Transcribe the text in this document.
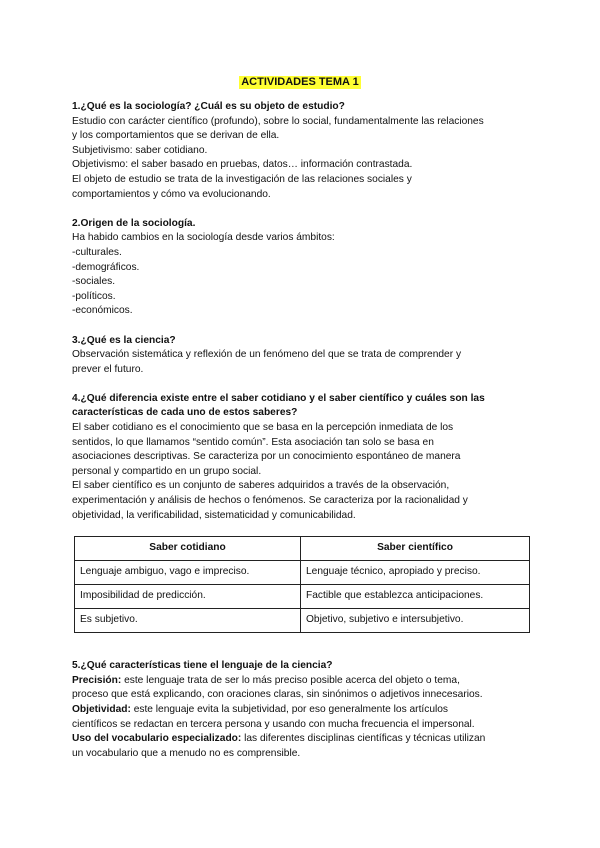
ACTIVIDADES TEMA 1

1.¿Qué es la sociología? ¿Cuál es su objeto de estudio?

Estudio con carácter científico (profundo), sobre lo social, fundamentalmente las relaciones

y los comportamientos que se derivan de ella.

Subjetivismo: saber cotidiano.

Objetivismo: el saber basado en pruebas, datos… información contrastada.

El objeto de estudio se trata de la investigación de las relaciones sociales y

comportamientos y cómo va evolucionando.

2.Origen de la sociología.

Ha habido cambios en la sociología desde varios ámbitos:

-culturales.

-demográficos.

-sociales.

-políticos.

-económicos.

3.¿Qué es la ciencia?

Observación sistemática y reflexión de un fenómeno del que se trata de comprender y

prever el futuro.

4.¿Qué diferencia existe entre el saber cotidiano y el saber científico y cuáles son las

características de cada uno de estos saberes?

El saber cotidiano es el conocimiento que se basa en la percepción inmediata de los

sentidos, lo que llamamos “sentido común”. Esta asociación tan solo se basa en

asociaciones descriptivas. Se caracteriza por un conocimiento espontáneo de manera

personal y compartido en un grupo social.

El saber científico es un conjunto de saberes adquiridos a través de la observación,

experimentación y análisis de hechos o fenómenos. Se caracteriza por la racionalidad y

objetividad, la verificabilidad, sistematicidad y comunicabilidad.

Saber cotidiano	Saber científico
Lenguaje ambiguo, vago e impreciso.	Lenguaje técnico, apropiado y preciso.
Imposibilidad de predicción.	Factible que establezca anticipaciones.
Es subjetivo.	Objetivo, subjetivo e intersubjetivo.

5.¿Qué características tiene el lenguaje de la ciencia?

Precisión: este lenguaje trata de ser lo más preciso posible acerca del objeto o tema,

proceso que está explicando, con oraciones claras, sin sinónimos o adjetivos innecesarios.

Objetividad: este lenguaje evita la subjetividad, por eso generalmente los artículos

científicos se redactan en tercera persona y usando con mucha frecuencia el impersonal.

Uso del vocabulario especializado: las diferentes disciplinas científicas y técnicas utilizan

un vocabulario que a menudo no es comprensible.
